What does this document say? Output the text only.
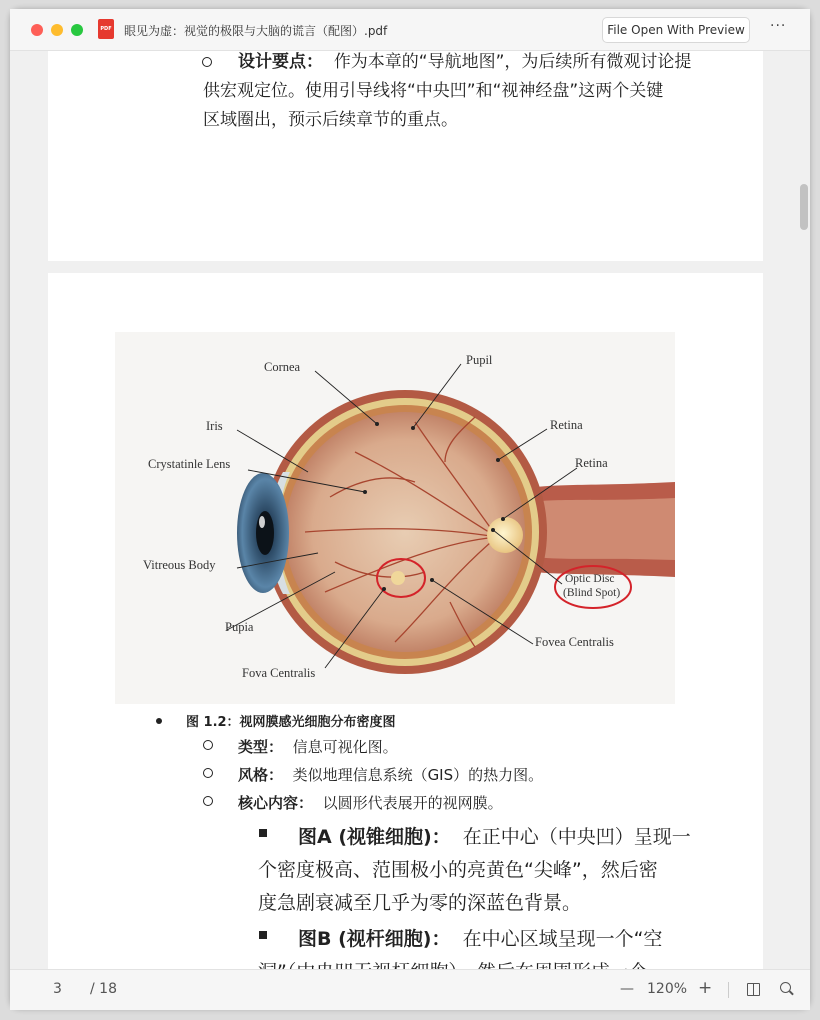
PDF 眼见为虚：视觉的极限与大脑的谎言（配图）.pdf	File Open With Preview	···
设计要点： 作为本章的“导航地图”，为后续所有微观讨论提
供宏观定位。使用引导线将“中央凹”和“视神经盘”这两个关键
区域圈出，预示后续章节的重点。
Cornea	Pupil
Iris	Retina
Retina
Crystatinle Lens
Vitreous Body
Optic Disc
(Blind Spot)
Pupia
Fovea Centralis
Fova Centralis
图 1.2：视网膜感光细胞分布密度图
类型： 信息可视化图。
风格： 类似地理信息系统（GIS）的热力图。
核心内容： 以圆形代表展开的视网膜。
图A (视锥细胞)： 在正中心（中央凹）呈现一
个密度极高、范围极小的亮黄色“尖峰”，然后密
度急剧衰减至几乎为零的深蓝色背景。
图B (视杆细胞)： 在中心区域呈现一个“空
3 / 18	— 120% +
